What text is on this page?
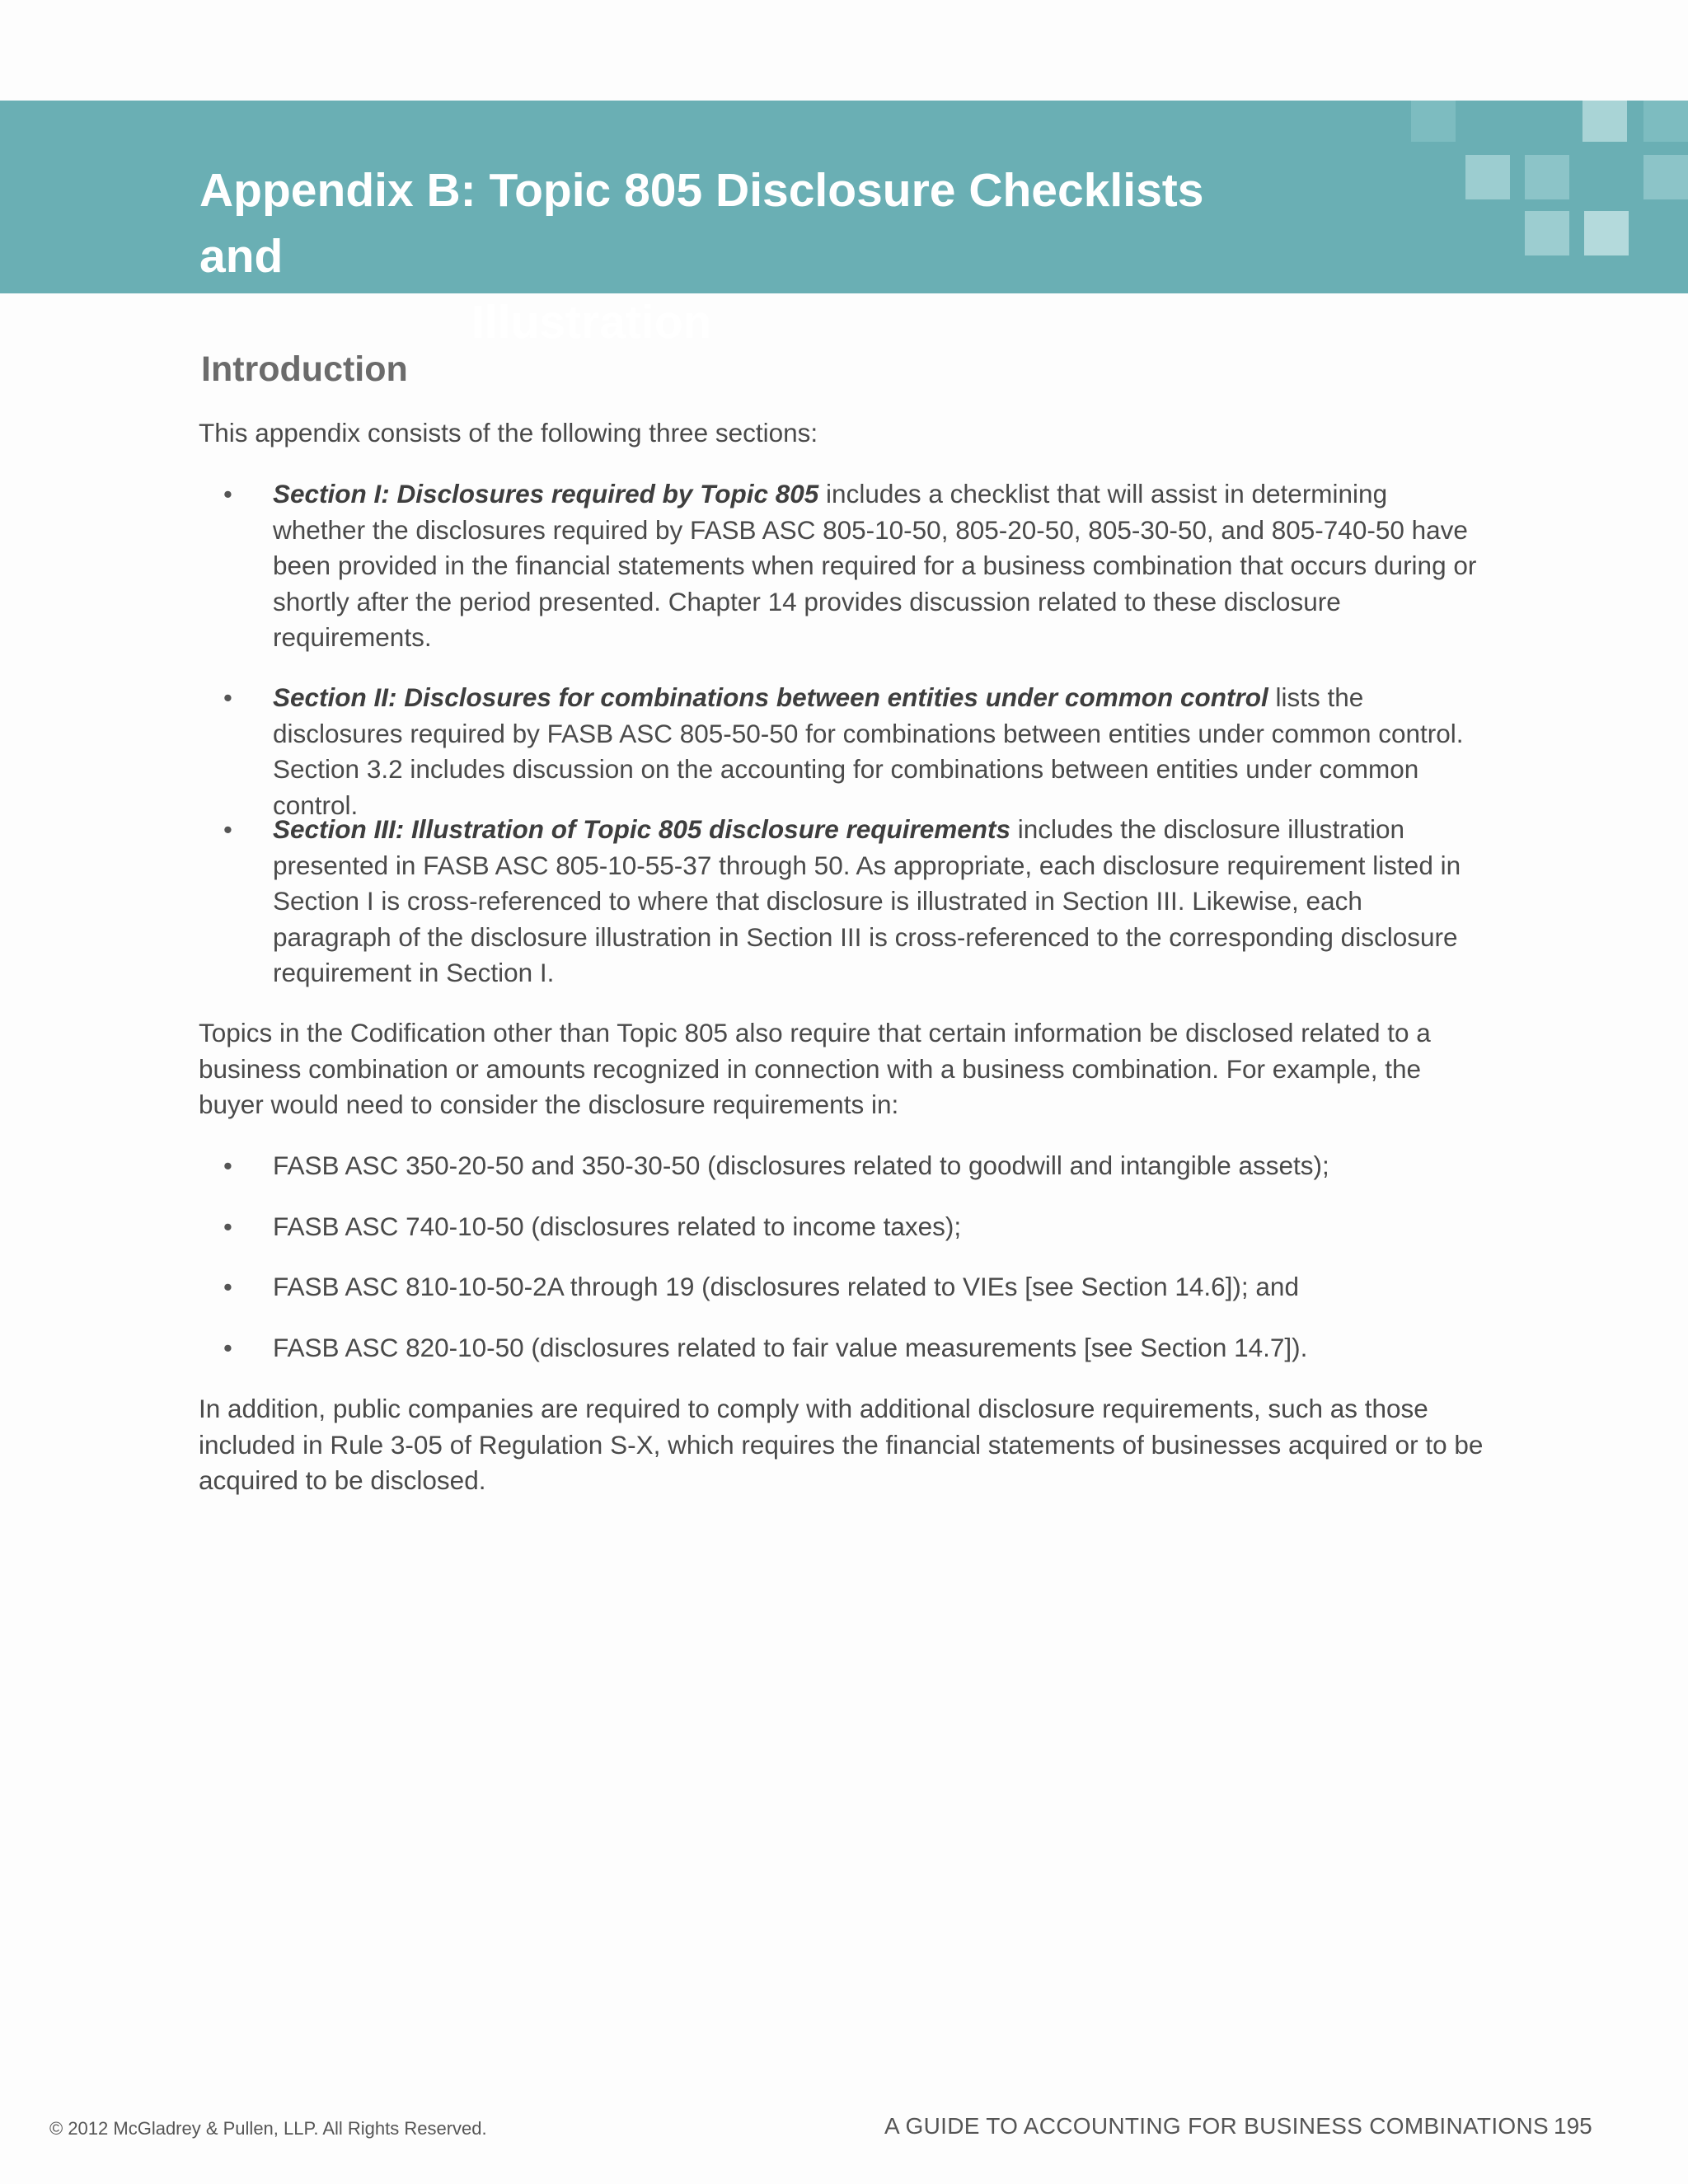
Appendix B: Topic 805 Disclosure Checklists and
Illustration
Introduction

This appendix consists of the following three sections:

• Section I: Disclosures required by Topic 805 includes a checklist that will assist in determining whether the disclosures required by FASB ASC 805-10-50, 805-20-50, 805-30-50, and 805-740-50 have been provided in the financial statements when required for a business combination that occurs during or shortly after the period presented. Chapter 14 provides discussion related to these disclosure requirements.

• Section II: Disclosures for combinations between entities under common control lists the disclosures required by FASB ASC 805-50-50 for combinations between entities under common control. Section 3.2 includes discussion on the accounting for combinations between entities under common control.

• Section III: Illustration of Topic 805 disclosure requirements includes the disclosure illustration presented in FASB ASC 805-10-55-37 through 50. As appropriate, each disclosure requirement listed in Section I is cross-referenced to where that disclosure is illustrated in Section III. Likewise, each paragraph of the disclosure illustration in Section III is cross-referenced to the corresponding disclosure requirement in Section I.

Topics in the Codification other than Topic 805 also require that certain information be disclosed related to a business combination or amounts recognized in connection with a business combination. For example, the buyer would need to consider the disclosure requirements in:

• FASB ASC 350-20-50 and 350-30-50 (disclosures related to goodwill and intangible assets);

• FASB ASC 740-10-50 (disclosures related to income taxes);

• FASB ASC 810-10-50-2A through 19 (disclosures related to VIEs [see Section 14.6]); and

• FASB ASC 820-10-50 (disclosures related to fair value measurements [see Section 14.7]).

In addition, public companies are required to comply with additional disclosure requirements, such as those included in Rule 3-05 of Regulation S-X, which requires the financial statements of businesses acquired or to be acquired to be disclosed.

© 2012 McGladrey & Pullen, LLP. All Rights Reserved.	A GUIDE TO ACCOUNTING FOR BUSINESS COMBINATIONS 195
